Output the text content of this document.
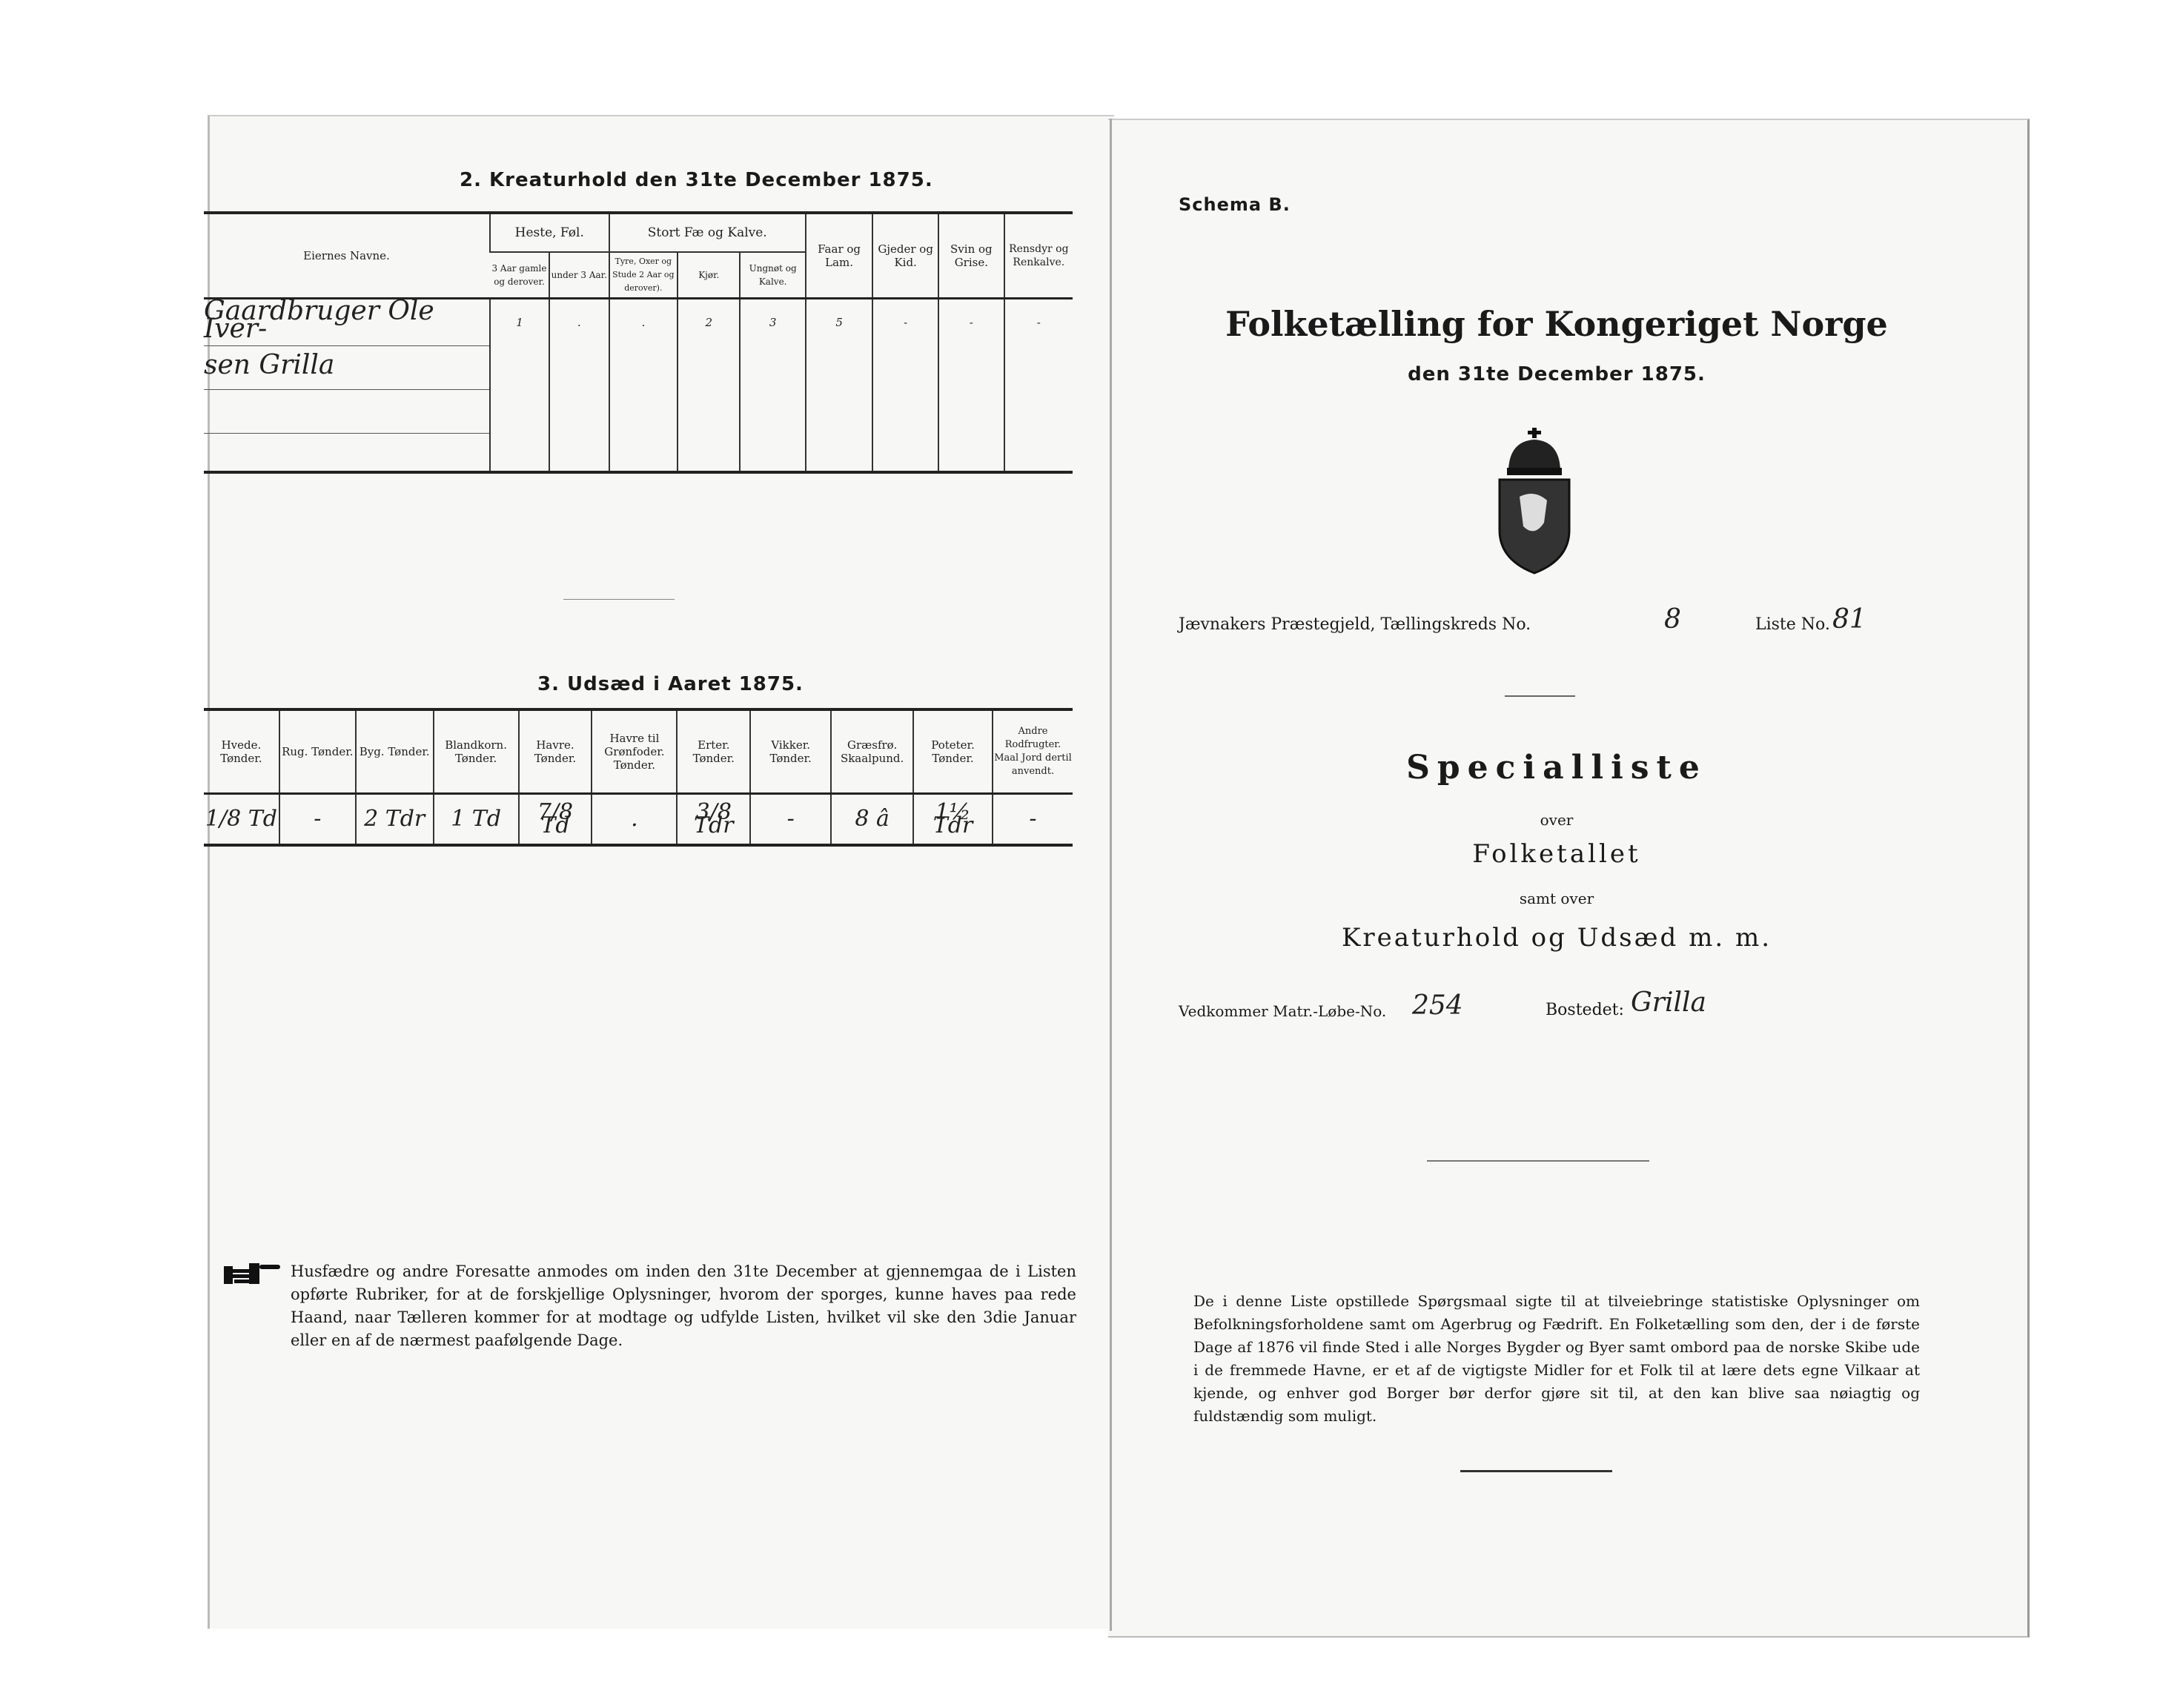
2. Kreaturhold den 31te December 1875.
Eiernes Navne.	Heste, Føl.		Stort Fæ og Kalve.			Faar og Lam.	Gjeder og Kid.	Svin og Grise.	Rensdyr og Renkalve.
	3 Aar gamle og derover.	under 3 Aar.	Tyre, Oxer og Stude 2 Aar og derover).	Kjør.	Ungnøt og Kalve.				
Gaardbruger Ole Iver-	1	.	.	2	3	5	-	-	-
sen Grilla									

3. Udsæd i Aaret 1875.
Hvede. Tønder.	Rug. Tønder.	Byg. Tønder.	Blandkorn. Tønder.	Havre. Tønder.	Havre til Grønfoder. Tønder.	Erter. Tønder.	Vikker. Tønder.	Græsfrø. Skaalpund.	Poteter. Tønder.	Andre Rodfrugter. Maal Jord dertil anvendt.
1/8 Td	-	2 Tdr	1 Td	7/8 Td	.	3/8 Tdr	-	8 â	1½ Tdr	-
Husfædre og andre Foresatte anmodes om inden den 31te December at gjennemgaa de i Listen opførte Rubriker, for at de forskjellige Oplysninger, hvorom der sporges, kunne haves paa rede Haand, naar Tælleren kommer for at modtage og udfylde Listen, hvilket vil ske den 3die Januar eller en af de nærmest paafølgende Dage.
Schema B.
Folketælling for Kongeriget Norge
den 31te December 1875.
Jævnakers Præstegjeld, Tællingskreds No.	8	Liste No. 81
Specialliste
over
Folketallet
samt over
Kreaturhold og Udsæd m. m.
Vedkommer Matr.-Løbe-No. 254	Bostedet: Grilla
De i denne Liste opstillede Spørgsmaal sigte til at tilveiebringe statistiske Oplysninger om Befolkningsforholdene samt om Agerbrug og Fædrift. En Folketælling som den, der i de første Dage af 1876 vil finde Sted i alle Norges Bygder og Byer samt ombord paa de norske Skibe ude i de fremmede Havne, er et af de vigtigste Midler for et Folk til at lære dets egne Vilkaar at kjende, og enhver god Borger bør derfor gjøre sit til, at den kan blive saa nøiagtig og fuldstændig som muligt.
